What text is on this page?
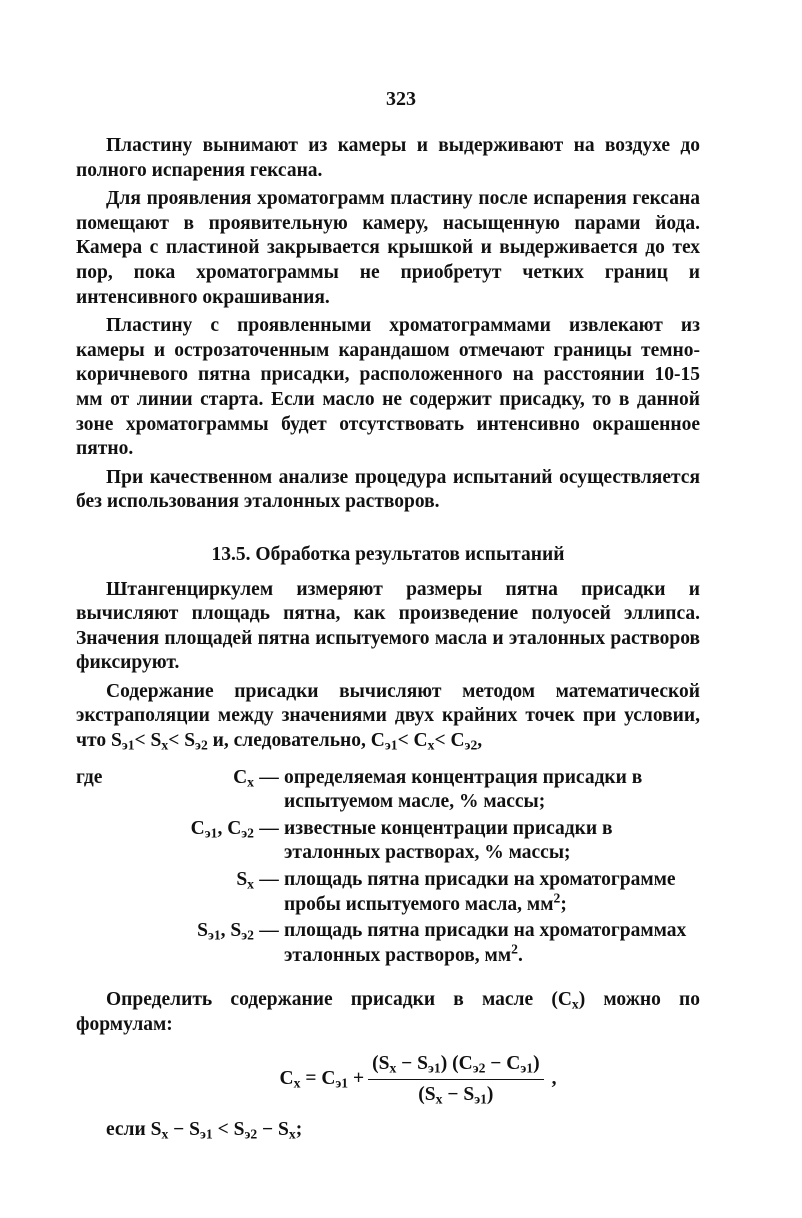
323

Пластину вынимают из камеры и выдерживают на воздухе до полного испарения гексана.

Для проявления хроматограмм пластину после испарения гексана помещают в проявительную камеру, насыщенную парами йода. Камера с пластиной закрывается крышкой и выдерживается до тех пор, пока хроматограммы не приобретут четких границ и интенсивного окрашивания.

Пластину с проявленными хроматограммами извлекают из камеры и острозаточенным карандашом отмечают границы темно-коричневого пятна присадки, расположенного на расстоянии 10-15 мм от линии старта. Если масло не содержит присадку, то в данной зоне хроматограммы будет отсутствовать интенсивно окрашенное пятно.

При качественном анализе процедура испытаний осуществляется без использования эталонных растворов.

13.5. Обработка результатов испытаний

Штангенциркулем измеряют размеры пятна присадки и вычисляют площадь пятна, как произведение полуосей эллипса. Значения площадей пятна испытуемого масла и эталонных растворов фиксируют.

Содержание присадки вычисляют методом математической экстраполяции между значениями двух крайних точек при условии, что $S_{э1}< S_x< S_{э2}$ и, следовательно, $C_{э1}< C_x< C_{э2}$,

где	$C_x$ — определяемая концентрация присадки в испытуемом масле, % массы;
$C_{э1}$, $C_{э2}$ — известные концентрации присадки в эталонных растворах, % массы;
$S_x$ — площадь пятна присадки на хроматограмме пробы испытуемого масла, $мм^2$;
$S_{э1}$, $S_{э2}$ — площадь пятна присадки на хроматограммах эталонных растворов, $мм^2$.

Определить содержание присадки в масле $(C_x)$ можно по формулам:

$C_x = C_{э1} + \frac{(S_x - S_{э1}) (C_{э2} - C_{э1})}{(S_x - S_{э1})}$ ,
если $S_x - S_{э1} < S_{э2} - S_x$;
